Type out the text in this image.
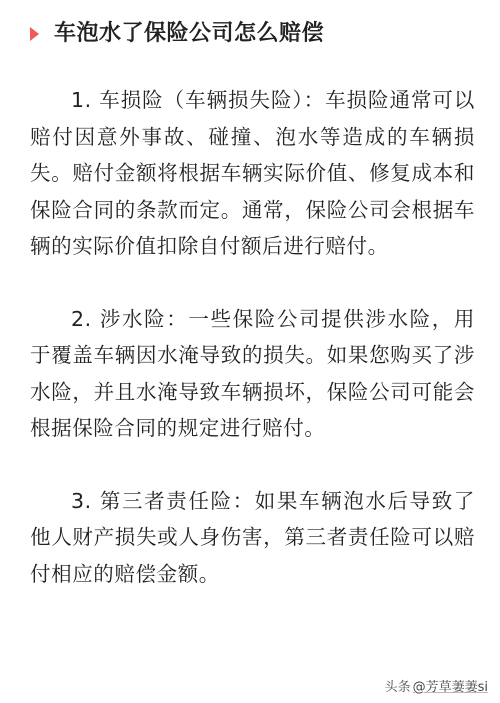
车泡水了保险公司怎么赔偿

1. 车损险（车辆损失险）：车损险通常可以赔付因意外事故、碰撞、泡水等造成的车辆损失。赔付金额将根据车辆实际价值、修复成本和保险合同的条款而定。通常，保险公司会根据车辆的实际价值扣除自付额后进行赔付。

2. 涉水险：一些保险公司提供涉水险，用于覆盖车辆因水淹导致的损失。如果您购买了涉水险，并且水淹导致车辆损坏，保险公司可能会根据保险合同的规定进行赔付。

3. 第三者责任险：如果车辆泡水后导致了他人财产损失或人身伤害，第三者责任险可以赔付相应的赔偿金额。

头条 @芳草萋萋si
